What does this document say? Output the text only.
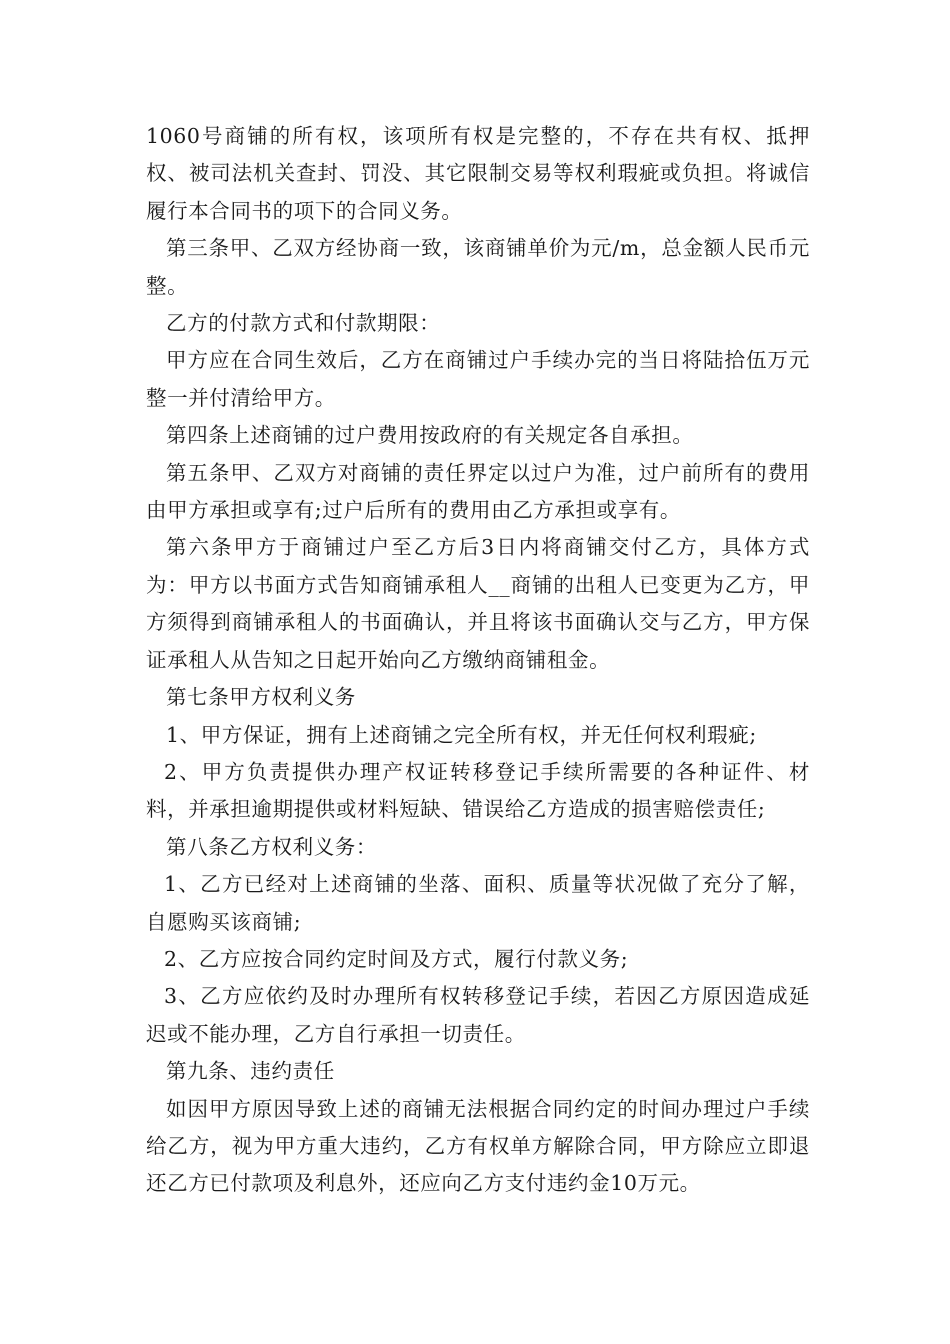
1060号商铺的所有权，该项所有权是完整的，不存在共有权、抵押权、被司法机关查封、罚没、其它限制交易等权利瑕疵或负担。将诚信履行本合同书的项下的合同义务。

第三条甲、乙双方经协商一致，该商铺单价为元/m，总金额人民币元整。

乙方的付款方式和付款期限：

甲方应在合同生效后，乙方在商铺过户手续办完的当日将陆拾伍万元整一并付清给甲方。

第四条上述商铺的过户费用按政府的有关规定各自承担。

第五条甲、乙双方对商铺的责任界定以过户为准，过户前所有的费用由甲方承担或享有;过户后所有的费用由乙方承担或享有。

第六条甲方于商铺过户至乙方后3日内将商铺交付乙方，具体方式为：甲方以书面方式告知商铺承租人__商铺的出租人已变更为乙方，甲方须得到商铺承租人的书面确认，并且将该书面确认交与乙方，甲方保证承租人从告知之日起开始向乙方缴纳商铺租金。

第七条甲方权利义务

1、甲方保证，拥有上述商铺之完全所有权，并无任何权利瑕疵;

2、甲方负责提供办理产权证转移登记手续所需要的各种证件、材料，并承担逾期提供或材料短缺、错误给乙方造成的损害赔偿责任;

第八条乙方权利义务：

1、乙方已经对上述商铺的坐落、面积、质量等状况做了充分了解，自愿购买该商铺;

2、乙方应按合同约定时间及方式，履行付款义务;

3、乙方应依约及时办理所有权转移登记手续，若因乙方原因造成延迟或不能办理，乙方自行承担一切责任。

第九条、违约责任

如因甲方原因导致上述的商铺无法根据合同约定的时间办理过户手续给乙方，视为甲方重大违约，乙方有权单方解除合同，甲方除应立即退还乙方已付款项及利息外，还应向乙方支付违约金10万元。
